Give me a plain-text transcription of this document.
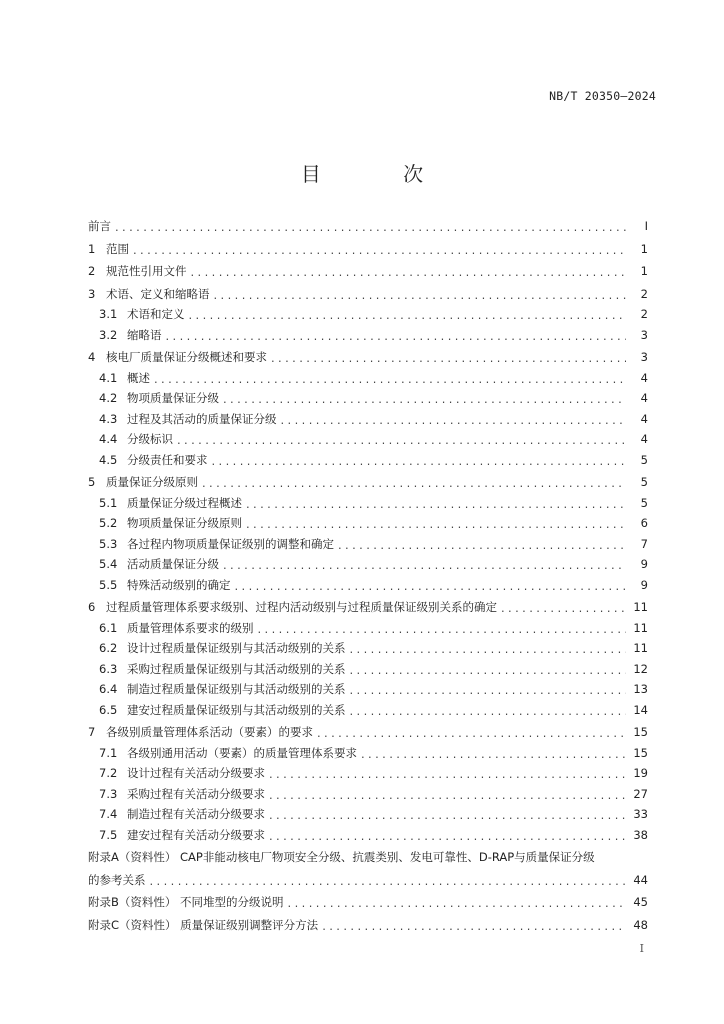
NB/T 20350—2024
目 次
前言 .....	I
1 范围 .....	1
2 规范性引用文件 .....	1
3 术语、定义和缩略语 .....	2
3.1 术语和定义 .....	2
3.2 缩略语 .....	3
4 核电厂质量保证分级概述和要求 .....	3
4.1 概述 .....	4
4.2 物项质量保证分级 .....	4
4.3 过程及其活动的质量保证分级 .....	4
4.4 分级标识 .....	4
4.5 分级责任和要求 .....	5
5 质量保证分级原则 .....	5
5.1 质量保证分级过程概述 .....	5
5.2 物项质量保证分级原则 .....	6
5.3 各过程内物项质量保证级别的调整和确定 .....	7
5.4 活动质量保证分级 .....	9
5.5 特殊活动级别的确定 .....	9
6 过程质量管理体系要求级别、过程内活动级别与过程质量保证级别关系的确定 .....	11
6.1 质量管理体系要求的级别 .....	11
6.2 设计过程质量保证级别与其活动级别的关系 .....	11
6.3 采购过程质量保证级别与其活动级别的关系 .....	12
6.4 制造过程质量保证级别与其活动级别的关系 .....	13
6.5 建安过程质量保证级别与其活动级别的关系 .....	14
7 各级别质量管理体系活动（要素）的要求 .....	15
7.1 各级别通用活动（要素）的质量管理体系要求 .....	15
7.2 设计过程有关活动分级要求 .....	19
7.3 采购过程有关活动分级要求 .....	27
7.4 制造过程有关活动分级要求 .....	33
7.5 建安过程有关活动分级要求 .....	38
附录A（资料性） CAP非能动核电厂物项安全分级、抗震类别、发电可靠性、D-RAP与质量保证分级
的参考关系 .....	44
附录B（资料性） 不同堆型的分级说明 .....	45
附录C（资料性） 质量保证级别调整评分方法 .....	48
I
